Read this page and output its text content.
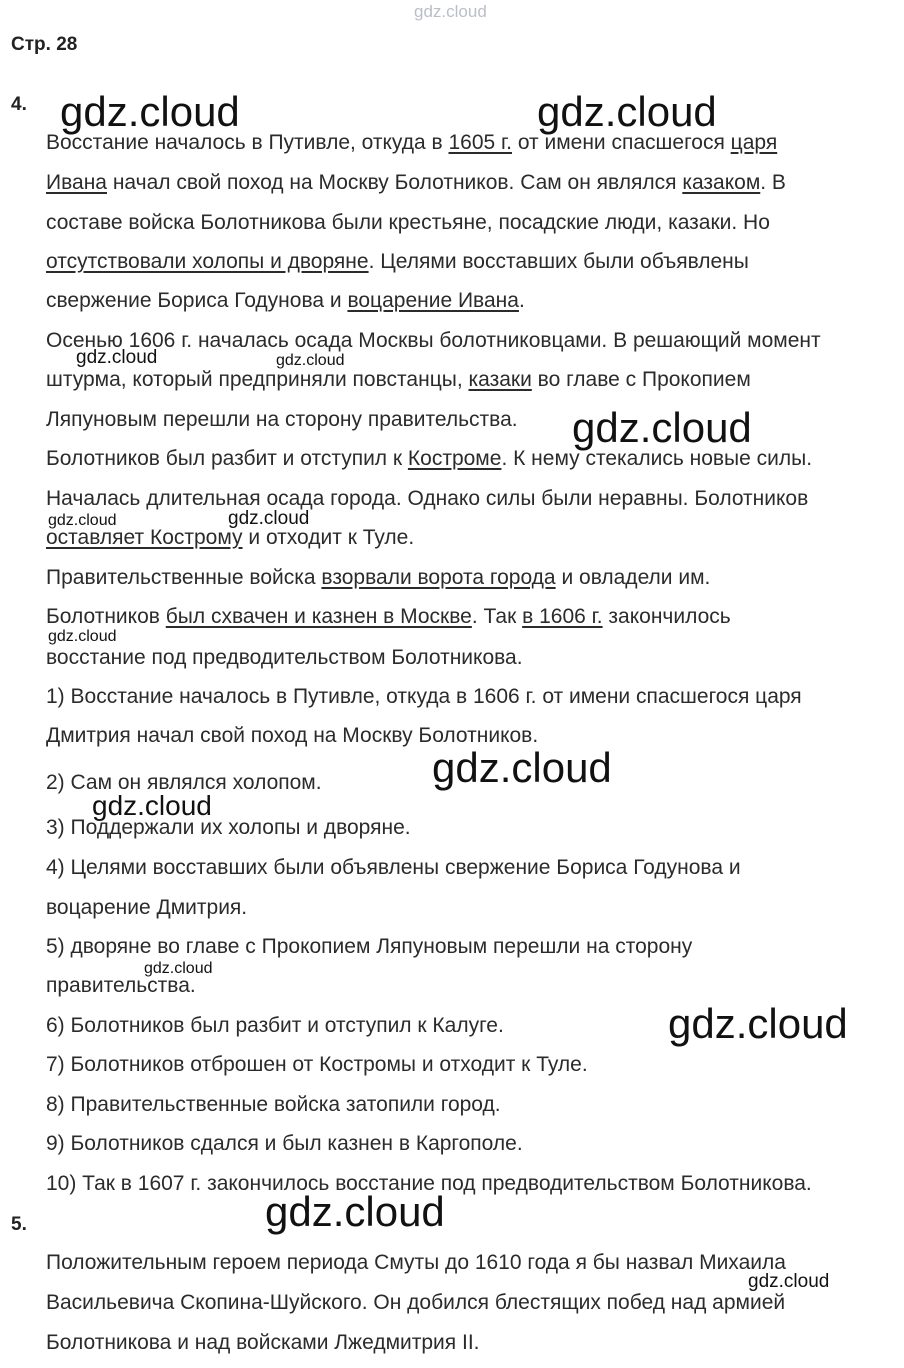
gdz.cloud
Стр. 28
4.
Восстание началось в Путивле, откуда в 1605 г. от имени спасшегося царя
Ивана начал свой поход на Москву Болотников. Сам он являлся казаком. В
составе войска Болотникова были крестьяне, посадские люди, казаки. Но
отсутствовали холопы и дворяне. Целями восставших были объявлены
свержение Бориса Годунова и воцарение Ивана.
Осенью 1606 г. началась осада Москвы болотниковцами. В решающий момент
штурма, который предприняли повстанцы, казаки во главе с Прокопием
Ляпуновым перешли на сторону правительства.
Болотников был разбит и отступил к Костроме. К нему стекались новые силы.
Началась длительная осада города. Однако силы были неравны. Болотников
оставляет Кострому и отходит к Туле.
Правительственные войска взорвали ворота города и овладели им.
Болотников был схвачен и казнен в Москве. Так в 1606 г. закончилось
восстание под предводительством Болотникова.
1) Восстание началось в Путивле, откуда в 1606 г. от имени спасшегося царя
Дмитрия начал свой поход на Москву Болотников.
2) Сам он являлся холопом.
3) Поддержали их холопы и дворяне.
4) Целями восставших были объявлены свержение Бориса Годунова и
воцарение Дмитрия.
5) дворяне во главе с Прокопием Ляпуновым перешли на сторону
правительства.
6) Болотников был разбит и отступил к Калуге.
7) Болотников отброшен от Костромы и отходит к Туле.
8) Правительственные войска затопили город.
9) Болотников сдался и был казнен в Каргополе.
10) Так в 1607 г. закончилось восстание под предводительством Болотникова.
5.
Положительным героем периода Смуты до 1610 года я бы назвал Михаила
Васильевича Скопина-Шуйского. Он добился блестящих побед над армией
Болотникова и над войсками Лжедмитрия II.
gdz.cloud	gdz.cloud
gdz.cloud	gdz.cloud
gdz.cloud
gdz.cloud	gdz.cloud
gdz.cloud
gdz.cloud
gdz.cloud
gdz.cloud
gdz.cloud
gdz.cloud
gdz.cloud
